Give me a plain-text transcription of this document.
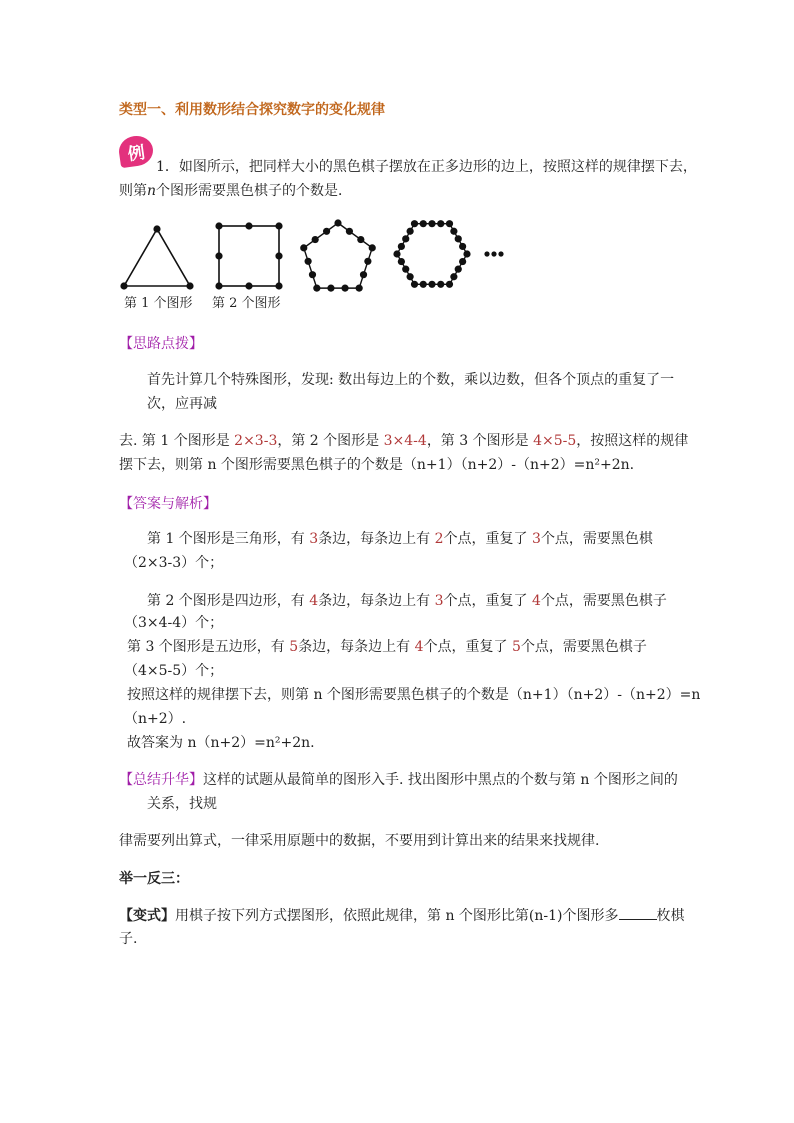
类型一、利用数形结合探究数字的变化规律
例
1．如图所示，把同样大小的黑色棋子摆放在正多边形的边上，按照这样的规律摆下去，
则第n个图形需要黑色棋子的个数是．
第 1 个图形 第 2 个图形
【思路点拨】
首先计算几个特殊图形，发现: 数出每边上的个数，乘以边数，但各个顶点的重复了一
次，应再减
去. 第 1 个图形是 2×3-3，第 2 个图形是 3×4-4，第 3 个图形是 4×5-5，按照这样的规律
摆下去，则第 n 个图形需要黑色棋子的个数是（n+1）（n+2）-（n+2）=n²+2n.
【答案与解析】
第 1 个图形是三角形，有 3条边，每条边上有 2个点，重复了 3个点，需要黑色棋
（2×3-3）个；
第 2 个图形是四边形，有 4条边，每条边上有 3个点，重复了 4个点，需要黑色棋子
（3×4-4）个；
第 3 个图形是五边形，有 5条边，每条边上有 4个点，重复了 5个点，需要黑色棋子
（4×5-5）个；
按照这样的规律摆下去，则第 n 个图形需要黑色棋子的个数是（n+1）（n+2）-（n+2）=n
（n+2）.
故答案为 n（n+2）=n²+2n.
【总结升华】这样的试题从最简单的图形入手. 找出图形中黑点的个数与第 n 个图形之间的
关系，找规
律需要列出算式，一律采用原题中的数据，不要用到计算出来的结果来找规律.
举一反三：
【变式】用棋子按下列方式摆图形，依照此规律，第 n 个图形比第(n-1)个图形多	枚棋
子.
